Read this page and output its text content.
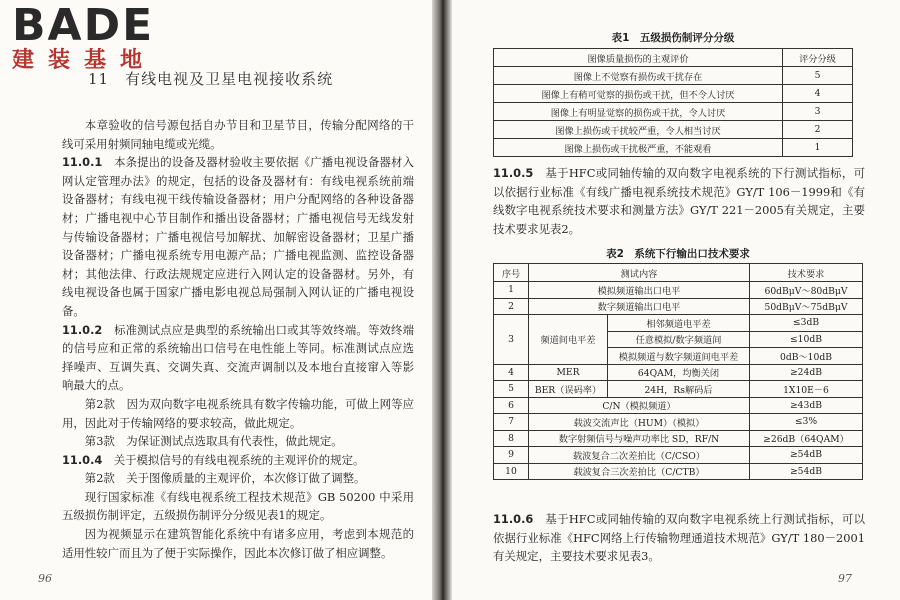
BADE
建装基地
11　有线电视及卫星电视接收系统

本章验收的信号源包括自办节目和卫星节目，传输分配网络的干线可采用射频同轴电缆或光缆。

11.0.1　 本条提出的设备及器材验收主要依据《广播电视设备器材入网认定管理办法》的规定，包括的设备及器材有：有线电视系统前端设备器材；有线电视干线传输设备器材；用户分配网络的各种设备器材；广播电视中心节目制作和播出设备器材；广播电视信号无线发射与传输设备器材；广播电视信号加解扰、加解密设备器材；卫星广播设备器材；广播电视系统专用电源产品；广播电视监测、监控设备器材；其他法律、行政法规规定应进行入网认定的设备器材。另外，有线电视设备也属于国家广播电影电视总局强制入网认证的广播电视设备。

11.0.2　 标准测试点应是典型的系统输出口或其等效终端。等效终端的信号应和正常的系统输出口信号在电性能上等同。标准测试点应选择噪声、互调失真、交调失真、交流声调制以及本地台直接窜入等影响最大的点。

第2款　因为双向数字电视系统具有数字传输功能，可做上网等应用，因此对于传输网络的要求较高，做此规定。

第3款　为保证测试点选取具有代表性，做此规定。

11.0.4　 关于模拟信号的有线电视系统的主观评价的规定。

第2款　关于图像质量的主观评价，本次修订做了调整。

现行国家标准《有线电视系统工程技术规范》GB 50200 中采用五级损伤制评定，五级损伤制评分分级见表1的规定。

因为视频显示在建筑智能化系统中有诸多应用，考虑到本规范的适用性较广而且为了便于实际操作，因此本次修订做了相应调整。

96
表1　五级损伤制评分分级
图像质量损伤的主观评价	评分分级
图像上不觉察有损伤或干扰存在	5
图像上有稍可觉察的损伤或干扰，但不令人讨厌	4
图像上有明显觉察的损伤或干扰，令人讨厌	3
图像上损伤或干扰较严重，令人相当讨厌	2
图像上损伤或干扰极严重，不能观看	1

11.0.5　 基于HFC或同轴传输的双向数字电视系统的下行测试指标，可以依据行业标准《有线广播电视系统技术规范》GY/T 106－1999和《有线数字电视系统技术要求和测量方法》GY/T 221－2005有关规定，主要技术要求见表2。

表2　系统下行输出口技术要求
序号	测试内容		技术要求
1	模拟频道输出口电平		60dBμV～80dBμV
2	数字频道输出口电平		50dBμV～75dBμV
3	频道间电平差	相邻频道电平差	≤3dB
		任意模拟/数字频道间	≤10dB
		模拟频道与数字频道间电平差	0dB～10dB
4	MER	64QAM，均衡关闭	≥24dB
5	BER（误码率）	24H，Rs解码后	1X10E－6
6	C/N（模拟频道）		≥43dB
7	载波交流声比（HUM）（模拟）		≤3%
8	数字射频信号与噪声功率比 SD，RF/N		≥26dB（64QAM）
9	载波复合二次差拍比（C/CSO）		≥54dB
10	载波复合三次差拍比（C/CTB）		≥54dB

11.0.6　 基于HFC或同轴传输的双向数字电视系统上行测试指标，可以依据行业标准《HFC网络上行传输物理通道技术规范》GY/T 180－2001有关规定，主要技术要求见表3。

97
